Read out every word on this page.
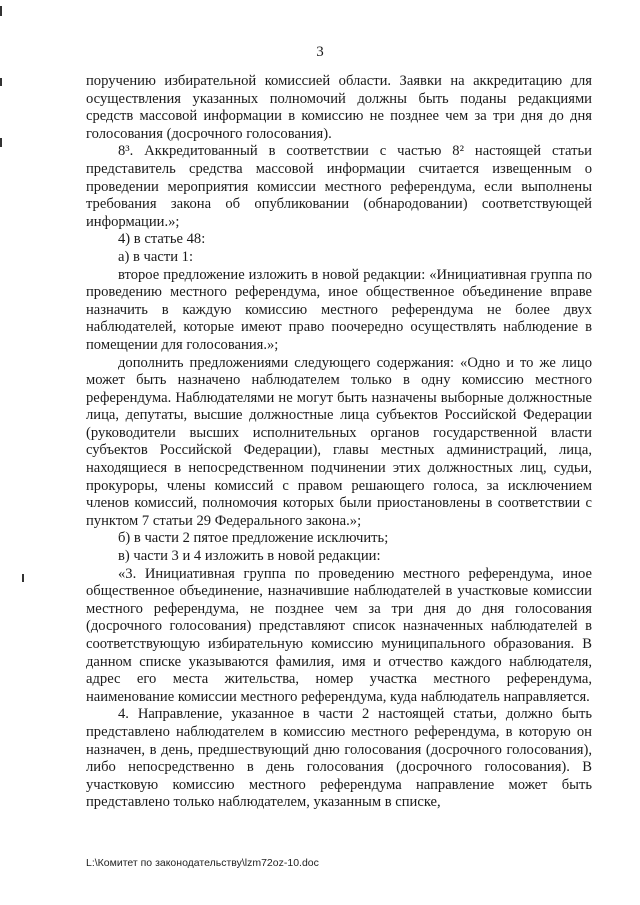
3

поручению избирательной комиссией области. Заявки на аккредитацию для осуществления указанных полномочий должны быть поданы редакциями средств массовой информации в комиссию не позднее чем за три дня до дня голосования (досрочного голосования).

8³. Аккредитованный в соответствии с частью 8² настоящей статьи представитель средства массовой информации считается извещенным о проведении мероприятия комиссии местного референдума, если выполнены требования закона об опубликовании (обнародовании) соответствующей информации.»;

4) в статье 48:

а) в части 1:

второе предложение изложить в новой редакции: «Инициативная группа по проведению местного референдума, иное общественное объединение вправе назначить в каждую комиссию местного референдума не более двух наблюдателей, которые имеют право поочередно осуществлять наблюдение в помещении для голосования.»;

дополнить предложениями следующего содержания: «Одно и то же лицо может быть назначено наблюдателем только в одну комиссию местного референдума. Наблюдателями не могут быть назначены выборные должностные лица, депутаты, высшие должностные лица субъектов Российской Федерации (руководители высших исполнительных органов государственной власти субъектов Российской Федерации), главы местных администраций, лица, находящиеся в непосредственном подчинении этих должностных лиц, судьи, прокуроры, члены комиссий с правом решающего голоса, за исключением членов комиссий, полномочия которых были приостановлены в соответствии с пунктом 7 статьи 29 Федерального закона.»;

б) в части 2 пятое предложение исключить;

в) части 3 и 4 изложить в новой редакции:

«3. Инициативная группа по проведению местного референдума, иное общественное объединение, назначившие наблюдателей в участковые комиссии местного референдума, не позднее чем за три дня до дня голосования (досрочного голосования) представляют список назначенных наблюдателей в соответствующую избирательную комиссию муниципального образования. В данном списке указываются фамилия, имя и отчество каждого наблюдателя, адрес его места жительства, номер участка местного референдума, наименование комиссии местного референдума, куда наблюдатель направляется.

4. Направление, указанное в части 2 настоящей статьи, должно быть представлено наблюдателем в комиссию местного референдума, в которую он назначен, в день, предшествующий дню голосования (досрочного голосования), либо непосредственно в день голосования (досрочного голосования). В участковую комиссию местного референдума направление может быть представлено только наблюдателем, указанным в списке,

L:\Комитет по законодательству\lzm72oz-10.doc
